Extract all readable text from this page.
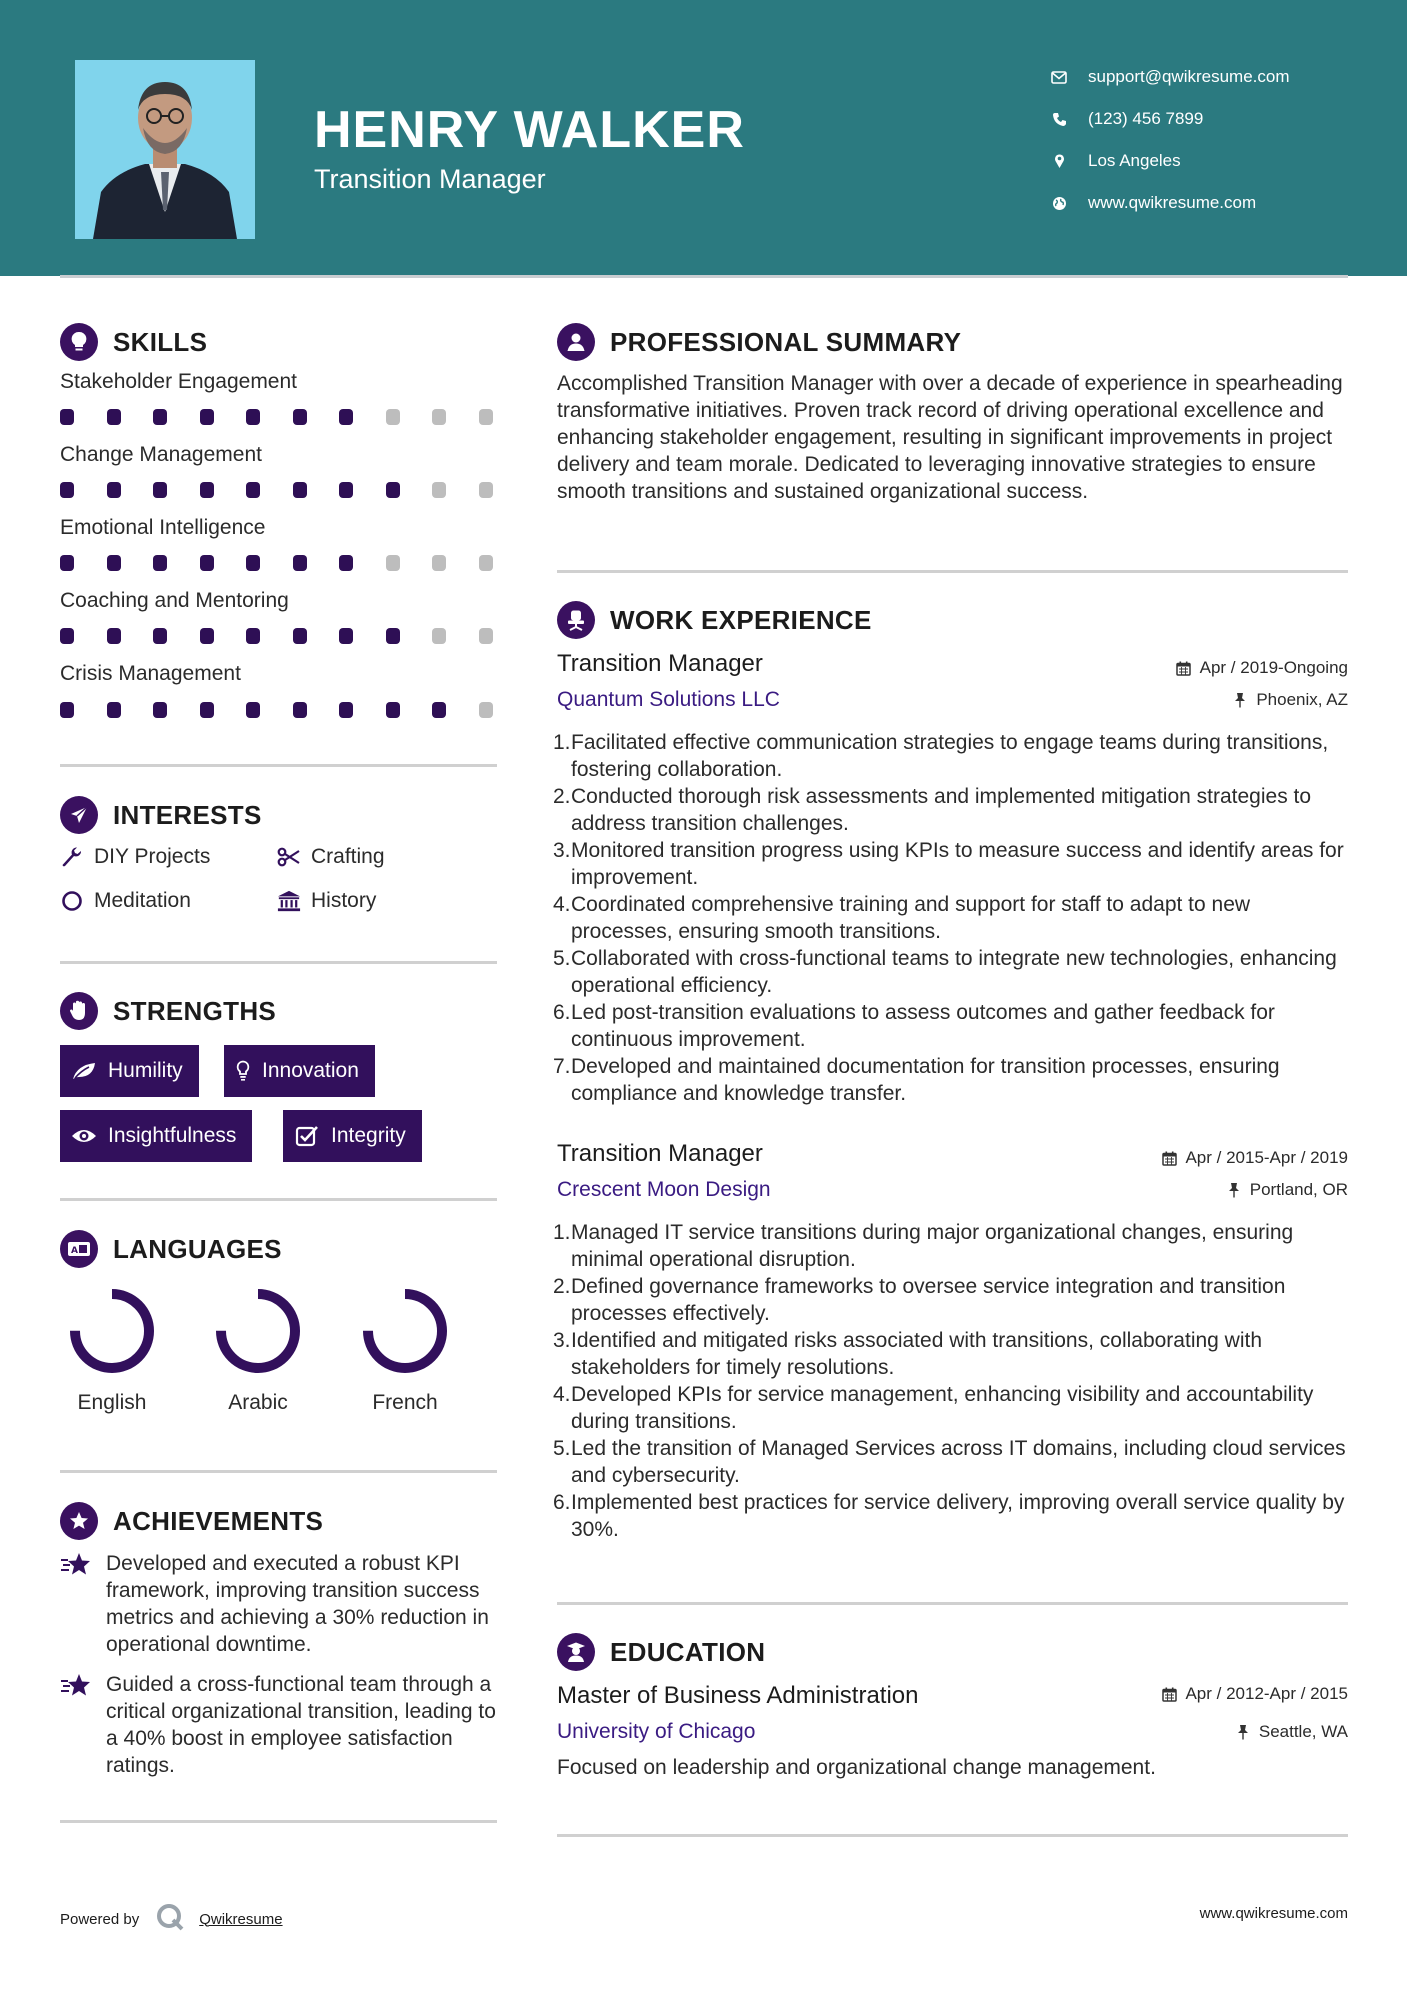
HENRY WALKER
Transition Manager
support@qwikresume.com
(123) 456 7899
Los Angeles
www.qwikresume.com
SKILLS
Stakeholder Engagement
Change Management
Emotional Intelligence
Coaching and Mentoring
Crisis Management
INTERESTS
DIY Projects	Crafting
Meditation	History
STRENGTHS
Humility	Innovation
Insightfulness	Integrity
A LANGUAGES
English	Arabic	French
ACHIEVEMENTS

Developed and executed a robust KPI framework, improving transition success metrics and achieving a 30% reduction in operational downtime.

Guided a cross-functional team through a critical organizational transition, leading to a 40% boost in employee satisfaction ratings.

PROFESSIONAL SUMMARY

Accomplished Transition Manager with over a decade of experience in spearheading transformative initiatives. Proven track record of driving operational excellence and enhancing stakeholder engagement, resulting in significant improvements in project delivery and team morale. Dedicated to leveraging innovative strategies to ensure smooth transitions and sustained organizational success.

WORK EXPERIENCE
Transition Manager	Apr / 2019-Ongoing
Quantum Solutions LLC	Phoenix, AZ
1. Facilitated effective communication strategies to engage teams during transitions, fostering collaboration.
2. Conducted thorough risk assessments and implemented mitigation strategies to address transition challenges.
3. Monitored transition progress using KPIs to measure success and identify areas for improvement.
4. Coordinated comprehensive training and support for staff to adapt to new processes, ensuring smooth transitions.
5. Collaborated with cross-functional teams to integrate new technologies, enhancing operational efficiency.
6. Led post-transition evaluations to assess outcomes and gather feedback for continuous improvement.
7. Developed and maintained documentation for transition processes, ensuring compliance and knowledge transfer.
Transition Manager	Apr / 2015-Apr / 2019
Crescent Moon Design	Portland, OR
1. Managed IT service transitions during major organizational changes, ensuring minimal operational disruption.
2. Defined governance frameworks to oversee service integration and transition processes effectively.
3. Identified and mitigated risks associated with transitions, collaborating with stakeholders for timely resolutions.
4. Developed KPIs for service management, enhancing visibility and accountability during transitions.
5. Led the transition of Managed Services across IT domains, including cloud services and cybersecurity.
6. Implemented best practices for service delivery, improving overall service quality by 30%.
EDUCATION
Master of Business Administration	Apr / 2012-Apr / 2015
University of Chicago	Seattle, WA
Focused on leadership and organizational change management.
Powered by	Qwikresume	www.qwikresume.com
